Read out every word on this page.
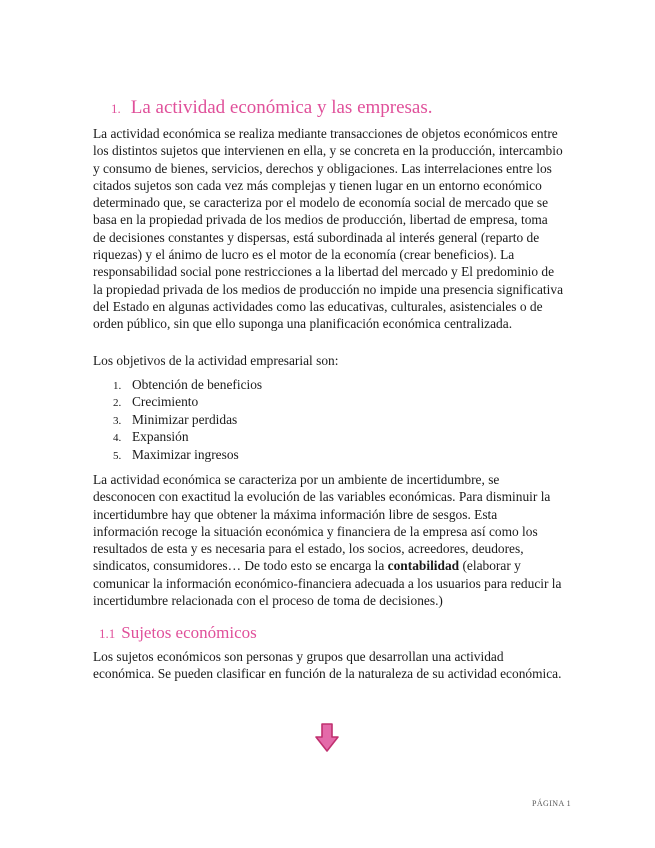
1. La actividad económica y las empresas.
La actividad económica se realiza mediante transacciones de objetos económicos entre los distintos sujetos que intervienen en ella, y se concreta en la producción, intercambio y consumo de bienes, servicios, derechos y obligaciones. Las interrelaciones entre los citados sujetos son cada vez más complejas y tienen lugar en un entorno económico determinado que, se caracteriza por el modelo de economía social de mercado que se basa en la propiedad privada de los medios de producción, libertad de empresa, toma de decisiones constantes y dispersas, está subordinada al interés general (reparto de riquezas) y el ánimo de lucro es el motor de la economía (crear beneficios). La responsabilidad social pone restricciones a la libertad del mercado y El predominio de la propiedad privada de los medios de producción no impide una presencia significativa del Estado en algunas actividades como las educativas, culturales, asistenciales o de orden público, sin que ello suponga una planificación económica centralizada.
Los objetivos de la actividad empresarial son:
1. Obtención de beneficios
2. Crecimiento
3. Minimizar perdidas
4. Expansión
5. Maximizar ingresos
La actividad económica se caracteriza por un ambiente de incertidumbre, se desconocen con exactitud la evolución de las variables económicas. Para disminuir la incertidumbre hay que obtener la máxima información libre de sesgos. Esta información recoge la situación económica y financiera de la empresa así como los resultados de esta y es necesaria para el estado, los socios, acreedores, deudores, sindicatos, consumidores… De todo esto se encarga la contabilidad (elaborar y comunicar la información económico-financiera adecuada a los usuarios para reducir la incertidumbre relacionada con el proceso de toma de decisiones.)
1.1 Sujetos económicos
Los sujetos económicos son personas y grupos que desarrollan una actividad económica. Se pueden clasificar en función de la naturaleza de su actividad económica.
PÁGINA 1
